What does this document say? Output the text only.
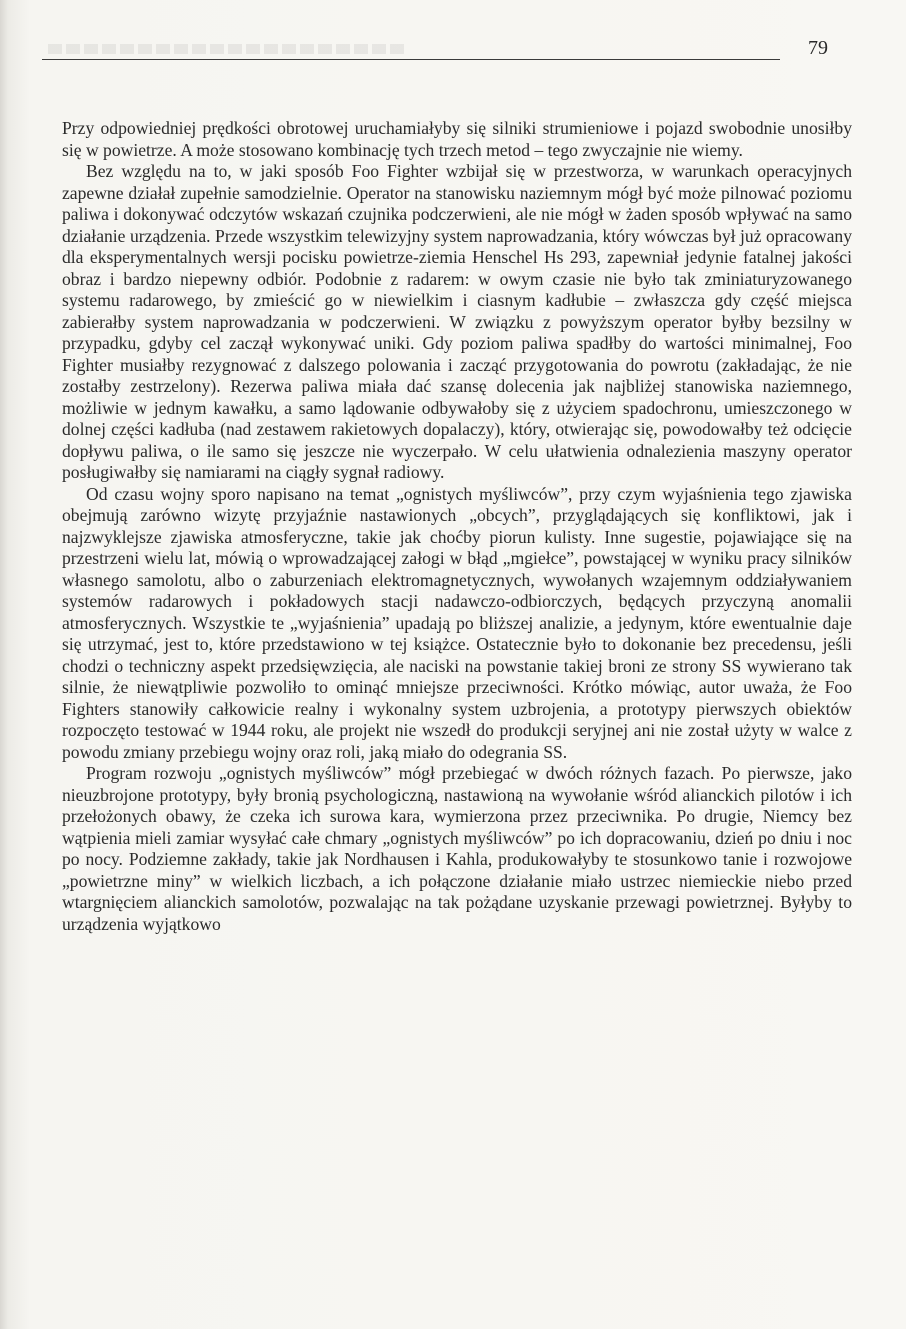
79

Przy odpowiedniej prędkości obrotowej uruchamiałyby się silniki strumieniowe i pojazd swobodnie unosiłby się w powietrze. A może stosowano kombinację tych trzech metod – tego zwyczajnie nie wiemy.

Bez względu na to, w jaki sposób Foo Fighter wzbijał się w przestworza, w warunkach operacyjnych zapewne działał zupełnie samodzielnie. Operator na stanowisku naziemnym mógł być może pilnować poziomu paliwa i dokonywać odczytów wskazań czujnika podczerwieni, ale nie mógł w żaden sposób wpływać na samo działanie urządzenia. Przede wszystkim telewizyjny system naprowadzania, który wówczas był już opracowany dla eksperymentalnych wersji pocisku powietrze-ziemia Henschel Hs 293, zapewniał jedynie fatalnej jakości obraz i bardzo niepewny odbiór. Podobnie z radarem: w owym czasie nie było tak zminiaturyzowanego systemu radarowego, by zmieścić go w niewielkim i ciasnym kadłubie – zwłaszcza gdy część miejsca zabierałby system naprowadzania w podczerwieni. W związku z powyższym operator byłby bezsilny w przypadku, gdyby cel zaczął wykonywać uniki. Gdy poziom paliwa spadłby do wartości minimalnej, Foo Fighter musiałby rezygnować z dalszego polowania i zacząć przygotowania do powrotu (zakładając, że nie zostałby zestrzelony). Rezerwa paliwa miała dać szansę dolecenia jak najbliżej stanowiska naziemnego, możliwie w jednym kawałku, a samo lądowanie odbywałoby się z użyciem spadochronu, umieszczonego w dolnej części kadłuba (nad zestawem rakietowych dopalaczy), który, otwierając się, powodowałby też odcięcie dopływu paliwa, o ile samo się jeszcze nie wyczerpało. W celu ułatwienia odnalezienia maszyny operator posługiwałby się namiarami na ciągły sygnał radiowy.

Od czasu wojny sporo napisano na temat „ognistych myśliwców”, przy czym wyjaśnienia tego zjawiska obejmują zarówno wizytę przyjaźnie nastawionych „obcych”, przyglądających się konfliktowi, jak i najzwyklejsze zjawiska atmosferyczne, takie jak choćby piorun kulisty. Inne sugestie, pojawiające się na przestrzeni wielu lat, mówią o wprowadzającej załogi w błąd „mgiełce”, powstającej w wyniku pracy silników własnego samolotu, albo o zaburzeniach elektromagnetycznych, wywołanych wzajemnym oddziaływaniem systemów radarowych i pokładowych stacji nadawczo-odbiorczych, będących przyczyną anomalii atmosferycznych. Wszystkie te „wyjaśnienia” upadają po bliższej analizie, a jedynym, które ewentualnie daje się utrzymać, jest to, które przedstawiono w tej książce. Ostatecznie było to dokonanie bez precedensu, jeśli chodzi o techniczny aspekt przedsięwzięcia, ale naciski na powstanie takiej broni ze strony SS wywierano tak silnie, że niewątpliwie pozwoliło to ominąć mniejsze przeciwności. Krótko mówiąc, autor uważa, że Foo Fighters stanowiły całkowicie realny i wykonalny system uzbrojenia, a prototypy pierwszych obiektów rozpoczęto testować w 1944 roku, ale projekt nie wszedł do produkcji seryjnej ani nie został użyty w walce z powodu zmiany przebiegu wojny oraz roli, jaką miało do odegrania SS.

Program rozwoju „ognistych myśliwców” mógł przebiegać w dwóch różnych fazach. Po pierwsze, jako nieuzbrojone prototypy, były bronią psychologiczną, nastawioną na wywołanie wśród alianckich pilotów i ich przełożonych obawy, że czeka ich surowa kara, wymierzona przez przeciwnika. Po drugie, Niemcy bez wątpienia mieli zamiar wysyłać całe chmary „ognistych myśliwców” po ich dopracowaniu, dzień po dniu i noc po nocy. Podziemne zakłady, takie jak Nordhausen i Kahla, produkowałyby te stosunkowo tanie i rozwojowe „powietrzne miny” w wielkich liczbach, a ich połączone działanie miało ustrzec niemieckie niebo przed wtargnięciem alianckich samolotów, pozwalając na tak pożądane uzyskanie przewagi powietrznej. Byłyby to urządzenia wyjątkowo
